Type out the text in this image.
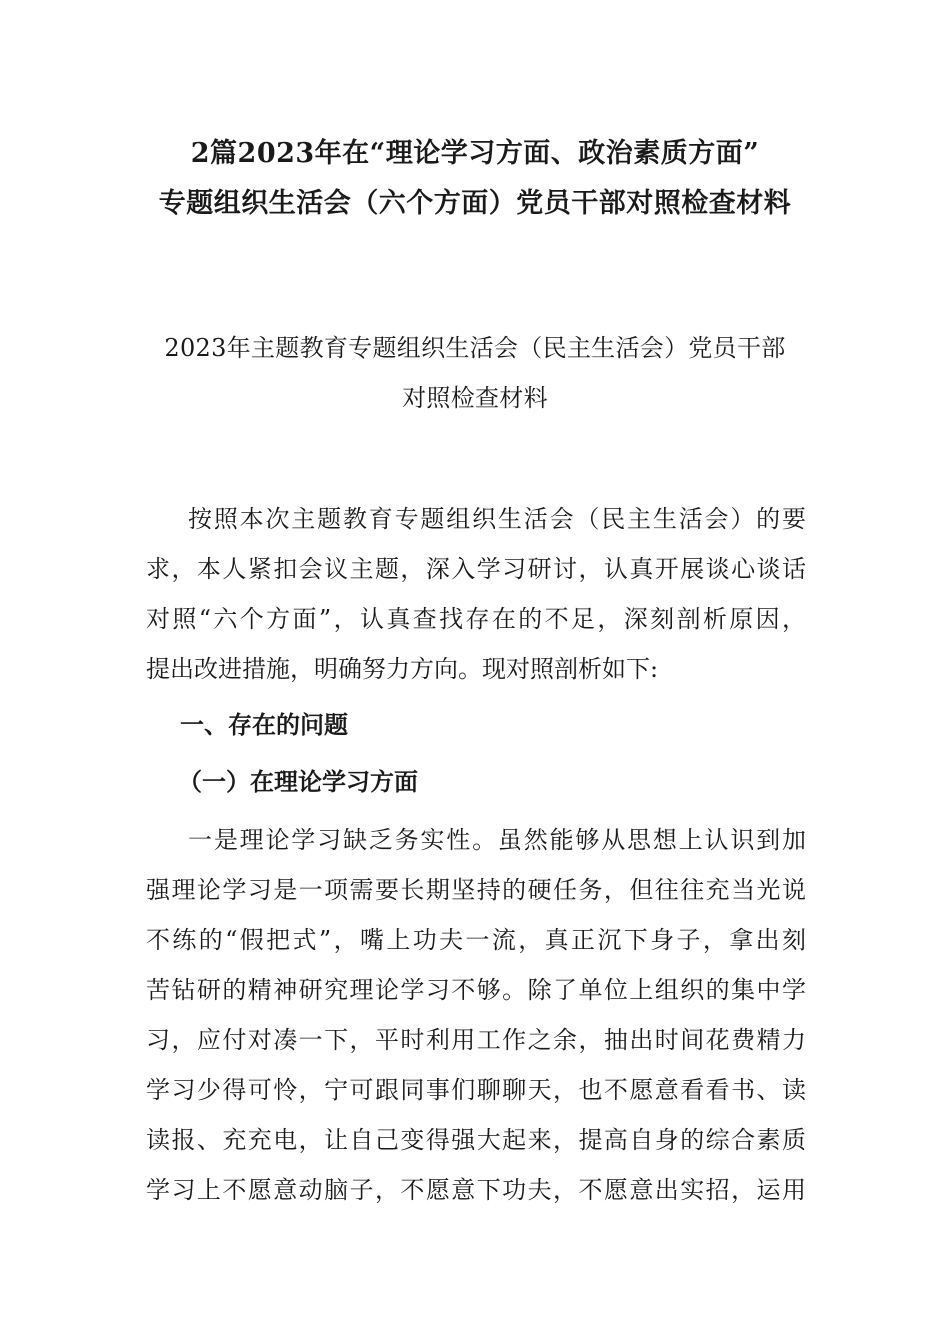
2篇2023年在“理论学习方面、政治素质方面”
专题组织生活会（六个方面）党员干部对照检查材料
2023年主题教育专题组织生活会（民主生活会）党员干部
对照检查材料
按照本次主题教育专题组织生活会（民主生活会）的要
求，本人紧扣会议主题，深入学习研讨，认真开展谈心谈话
对照“六个方面”，认真查找存在的不足，深刻剖析原因，
提出改进措施，明确努力方向。现对照剖析如下:
一、存在的问题
（一）在理论学习方面
一是理论学习缺乏务实性。虽然能够从思想上认识到加
强理论学习是一项需要长期坚持的硬任务，但往往充当光说
不练的“假把式”，嘴上功夫一流，真正沉下身子，拿出刻
苦钻研的精神研究理论学习不够。除了单位上组织的集中学
习，应付对凑一下，平时利用工作之余，抽出时间花费精力
学习少得可怜，宁可跟同事们聊聊天，也不愿意看看书、读
读报、充充电，让自己变得强大起来，提高自身的综合素质
学习上不愿意动脑子，不愿意下功夫，不愿意出实招，运用
